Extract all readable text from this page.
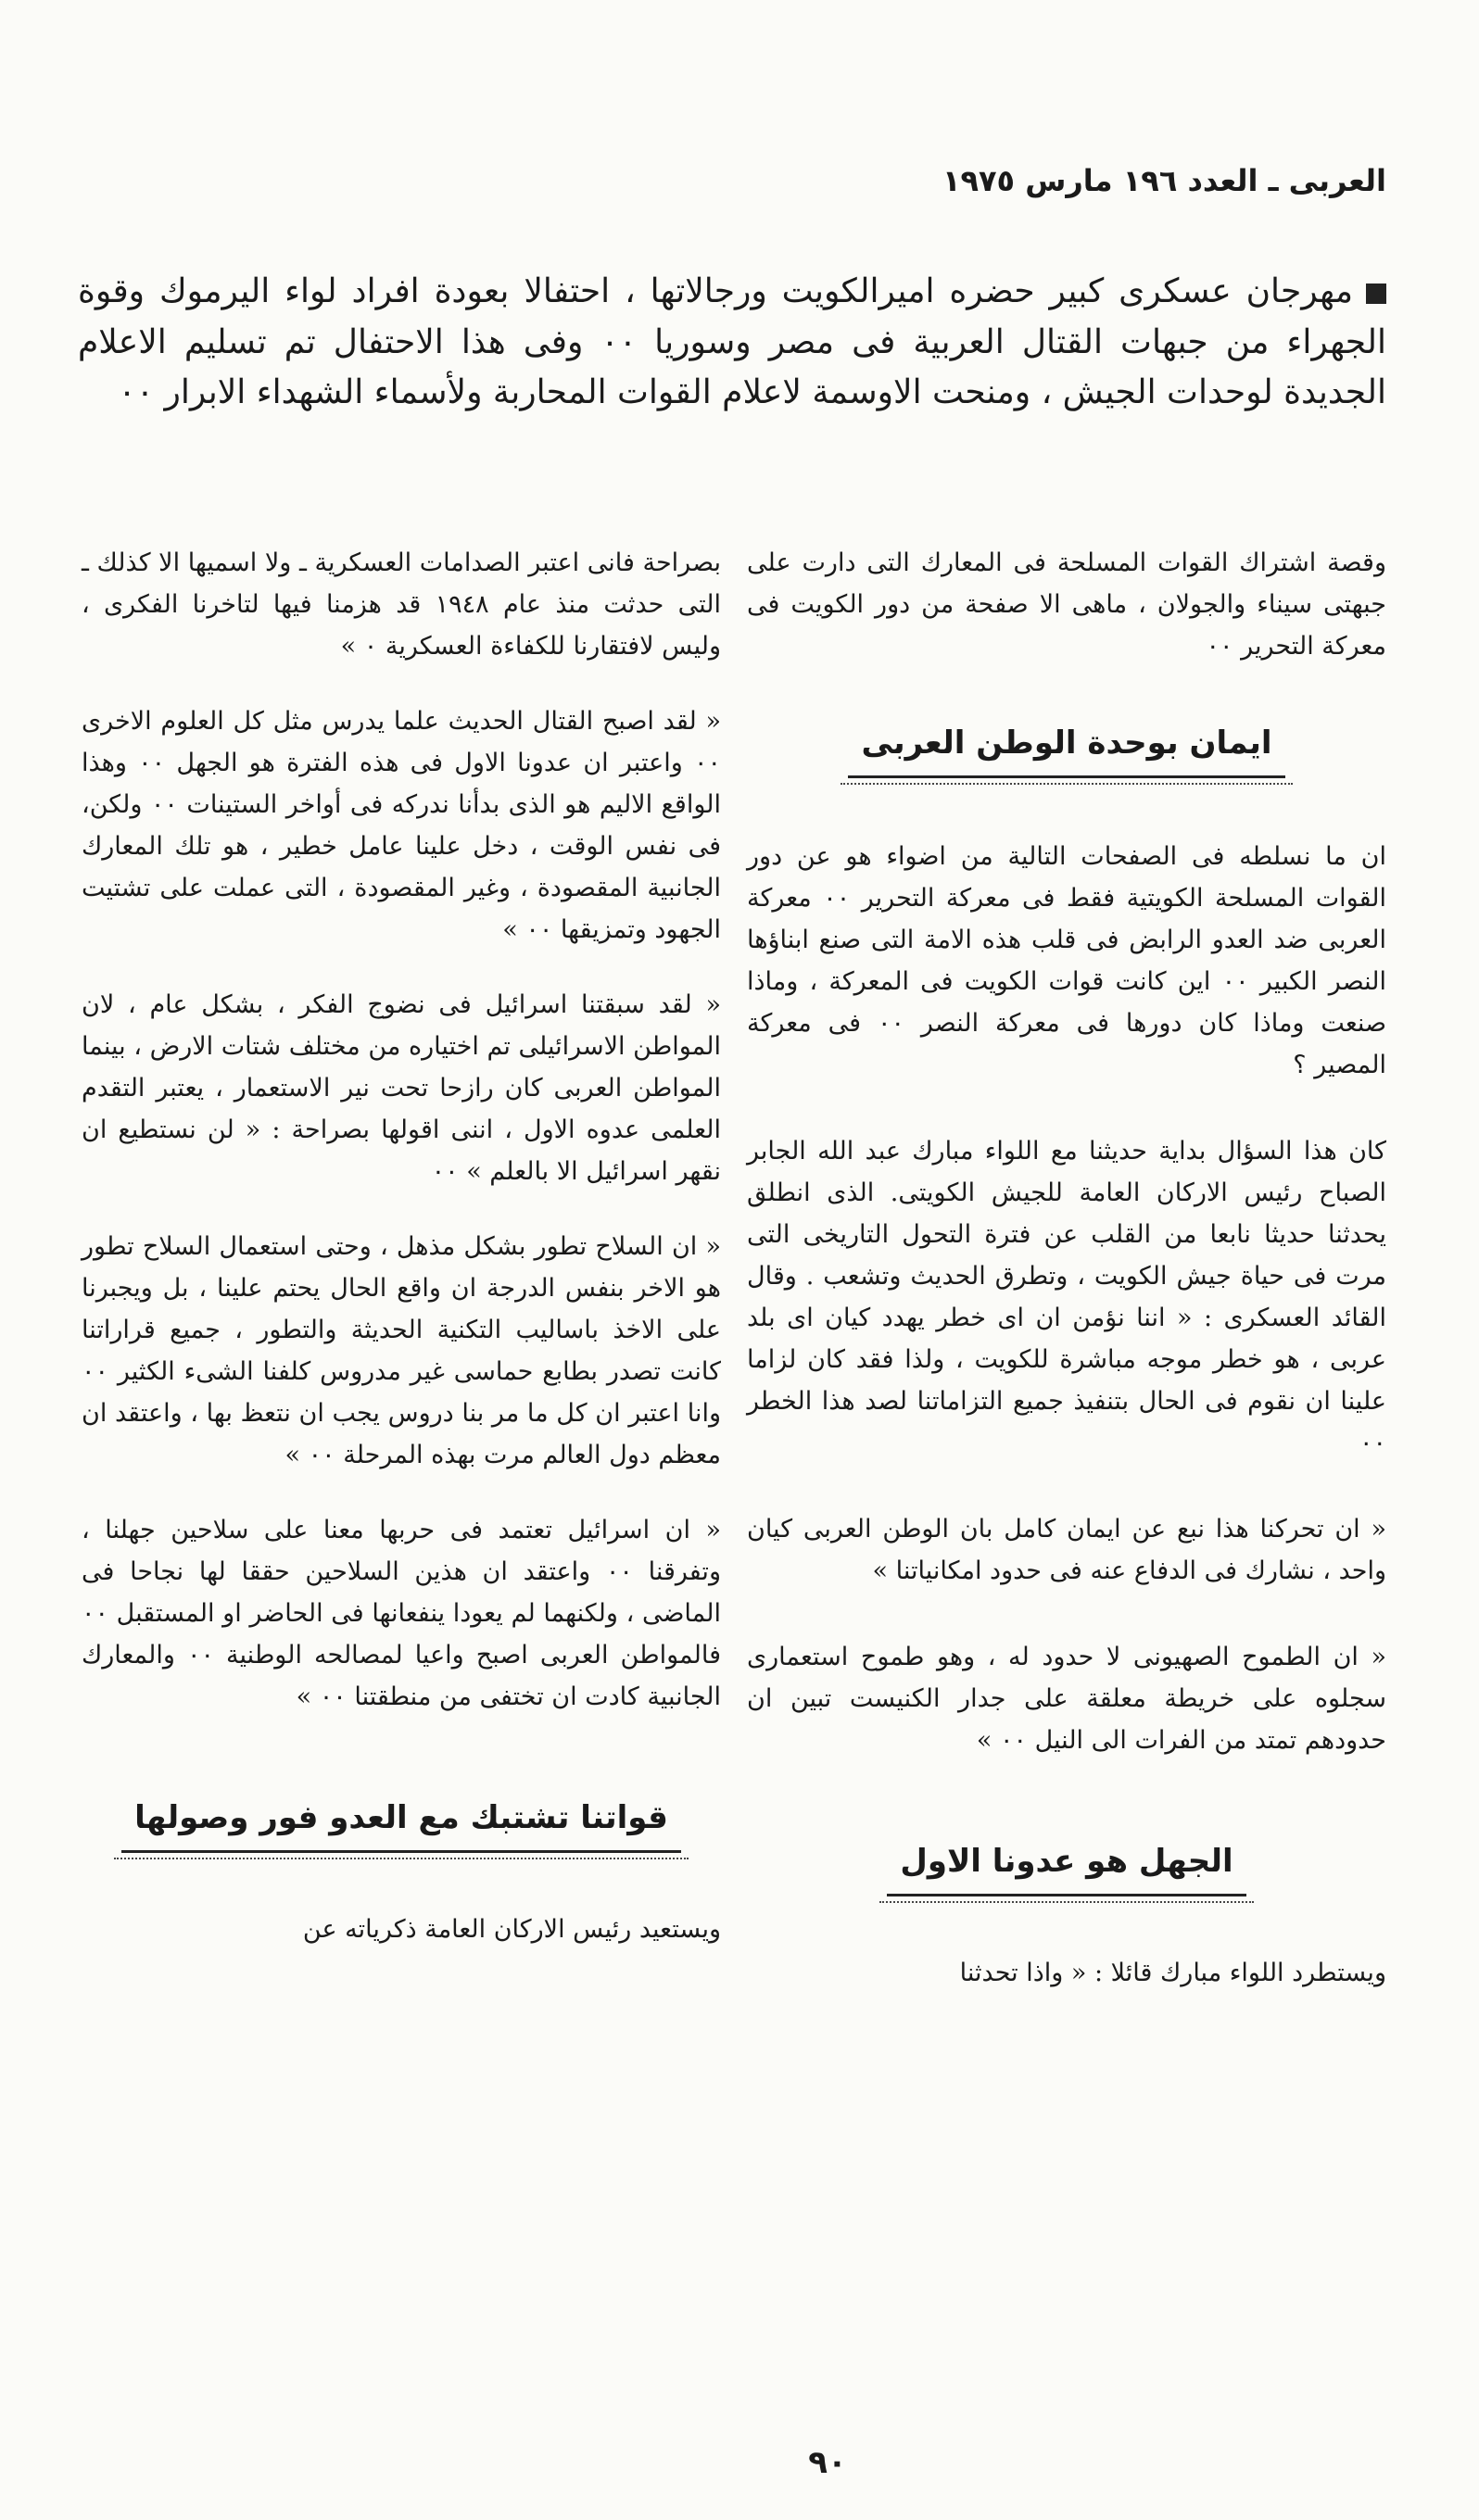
العربى ـ العدد ١٩٦ مارس ١٩٧٥
مهرجان عسكرى كبير حضره اميرالكويت ورجالاتها ، احتفالا بعودة افراد لواء اليرموك وقوة الجهراء من جبهات القتال العربية فى مصر وسوريا ٠٠ وفى هذا الاحتفال تم تسليم الاعلام الجديدة لوحدات الجيش ، ومنحت الاوسمة لاعلام القوات المحاربة ولأسماء الشهداء الابرار ٠٠

وقصة اشتراك القوات المسلحة فى المعارك التى دارت على جبهتى سيناء والجولان ، ماهى الا صفحة من دور الكويت فى معركة التحرير ٠٠

ايمان بوحدة الوطن العربى

ان ما نسلطه فى الصفحات التالية من اضواء هو عن دور القوات المسلحة الكويتية فقط فى معركة التحرير ٠٠ معركة العربى ضد العدو الرابض فى قلب هذه الامة التى صنع ابناؤها النصر الكبير ٠٠ اين كانت قوات الكويت فى المعركة ، وماذا صنعت وماذا كان دورها فى معركة النصر ٠٠ فى معركة المصير ؟

كان هذا السؤال بداية حديثنا مع اللواء مبارك عبد الله الجابر الصباح رئيس الاركان العامة للجيش الكويتى. الذى انطلق يحدثنا حديثا نابعا من القلب عن فترة التحول التاريخى التى مرت فى حياة جيش الكويت ، وتطرق الحديث وتشعب . وقال القائد العسكرى : « اننا نؤمن ان اى خطر يهدد كيان اى بلد عربى ، هو خطر موجه مباشرة للكويت ، ولذا فقد كان لزاما علينا ان نقوم فى الحال بتنفيذ جميع التزاماتنا لصد هذا الخطر ٠٠

« ان تحركنا هذا نبع عن ايمان كامل بان الوطن العربى كيان واحد ، نشارك فى الدفاع عنه فى حدود امكانياتنا »

« ان الطموح الصهيونى لا حدود له ، وهو طموح استعمارى سجلوه على خريطة معلقة على جدار الكنيست تبين ان حدودهم تمتد من الفرات الى النيل ٠٠ »

الجهل هو عدونا الاول

ويستطرد اللواء مبارك قائلا : « واذا تحدثنا

بصراحة فانى اعتبر الصدامات العسكرية ـ ولا اسميها الا كذلك ـ التى حدثت منذ عام ١٩٤٨ قد هزمنا فيها لتاخرنا الفكرى ، وليس لافتقارنا للكفاءة العسكرية ٠ »

« لقد اصبح القتال الحديث علما يدرس مثل كل العلوم الاخرى ٠٠ واعتبر ان عدونا الاول فى هذه الفترة هو الجهل ٠٠ وهذا الواقع الاليم هو الذى بدأنا ندركه فى أواخر الستينات ٠٠ ولكن، فى نفس الوقت ، دخل علينا عامل خطير ، هو تلك المعارك الجانبية المقصودة ، وغير المقصودة ، التى عملت على تشتيت الجهود وتمزيقها ٠٠ »

« لقد سبقتنا اسرائيل فى نضوج الفكر ، بشكل عام ، لان المواطن الاسرائيلى تم اختياره من مختلف شتات الارض ، بينما المواطن العربى كان رازحا تحت نير الاستعمار ، يعتبر التقدم العلمى عدوه الاول ، اننى اقولها بصراحة : « لن نستطيع ان نقهر اسرائيل الا بالعلم » ٠٠

« ان السلاح تطور بشكل مذهل ، وحتى استعمال السلاح تطور هو الاخر بنفس الدرجة ان واقع الحال يحتم علينا ، بل ويجبرنا على الاخذ باساليب التكنية الحديثة والتطور ، جميع قراراتنا كانت تصدر بطابع حماسى غير مدروس كلفنا الشىء الكثير ٠٠ وانا اعتبر ان كل ما مر بنا دروس يجب ان نتعظ بها ، واعتقد ان معظم دول العالم مرت بهذه المرحلة ٠٠ »

« ان اسرائيل تعتمد فى حربها معنا على سلاحين جهلنا ، وتفرقنا ٠٠ واعتقد ان هذين السلاحين حققا لها نجاحا فى الماضى ، ولكنهما لم يعودا ينفعانها فى الحاضر او المستقبل ٠٠ فالمواطن العربى اصبح واعيا لمصالحه الوطنية ٠٠ والمعارك الجانبية كادت ان تختفى من منطقتنا ٠٠ »

قواتنا تشتبك مع العدو فور وصولها

ويستعيد رئيس الاركان العامة ذكرياته عن

٩٠
